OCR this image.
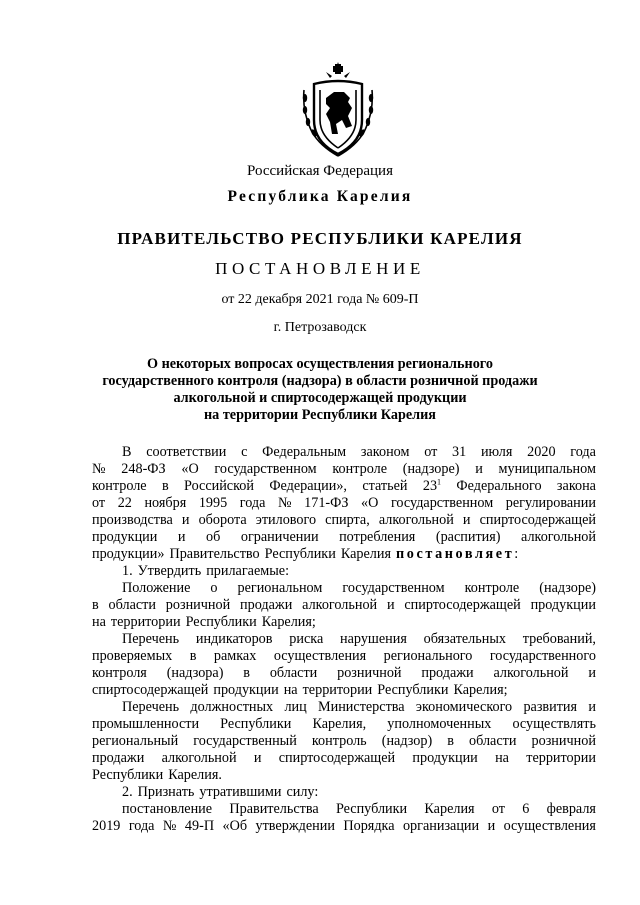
Российская Федерация
Республика Карелия
ПРАВИТЕЛЬСТВО РЕСПУБЛИКИ КАРЕЛИЯ
ПОСТАНОВЛЕНИЕ
от 22 декабря 2021 года № 609-П
г. Петрозаводск
О некоторых вопросах осуществления регионального
государственного контроля (надзора) в области розничной продажи
алкогольной и спиртосодержащей продукции
на территории Республики Карелия
В соответствии с Федеральным законом от 31 июля 2020 года
№ 248-ФЗ «О государственном контроле (надзоре) и муниципальном
контроле в Российской Федерации», статьей $23^1$ Федерального закона
от 22 ноября 1995 года № 171-ФЗ «О государственном регулировании
производства и оборота этилового спирта, алкогольной и спиртосодержащей
продукции и об ограничении потребления (распития) алкогольной
продукции» Правительство Республики Карелия постановляет:
1. Утвердить прилагаемые:
Положение о региональном государственном контроле (надзоре)
в области розничной продажи алкогольной и спиртосодержащей продукции
на территории Республики Карелия;
Перечень индикаторов риска нарушения обязательных требований,
проверяемых в рамках осуществления регионального государственного
контроля (надзора) в области розничной продажи алкогольной и
спиртосодержащей продукции на территории Республики Карелия;
Перечень должностных лиц Министерства экономического развития и
промышленности Республики Карелия, уполномоченных осуществлять
региональный государственный контроль (надзор) в области розничной
продажи алкогольной и спиртосодержащей продукции на территории
Республики Карелия.
2. Признать утратившими силу:
постановление Правительства Республики Карелия от 6 февраля
2019 года № 49-П «Об утверждении Порядка организации и осуществления
